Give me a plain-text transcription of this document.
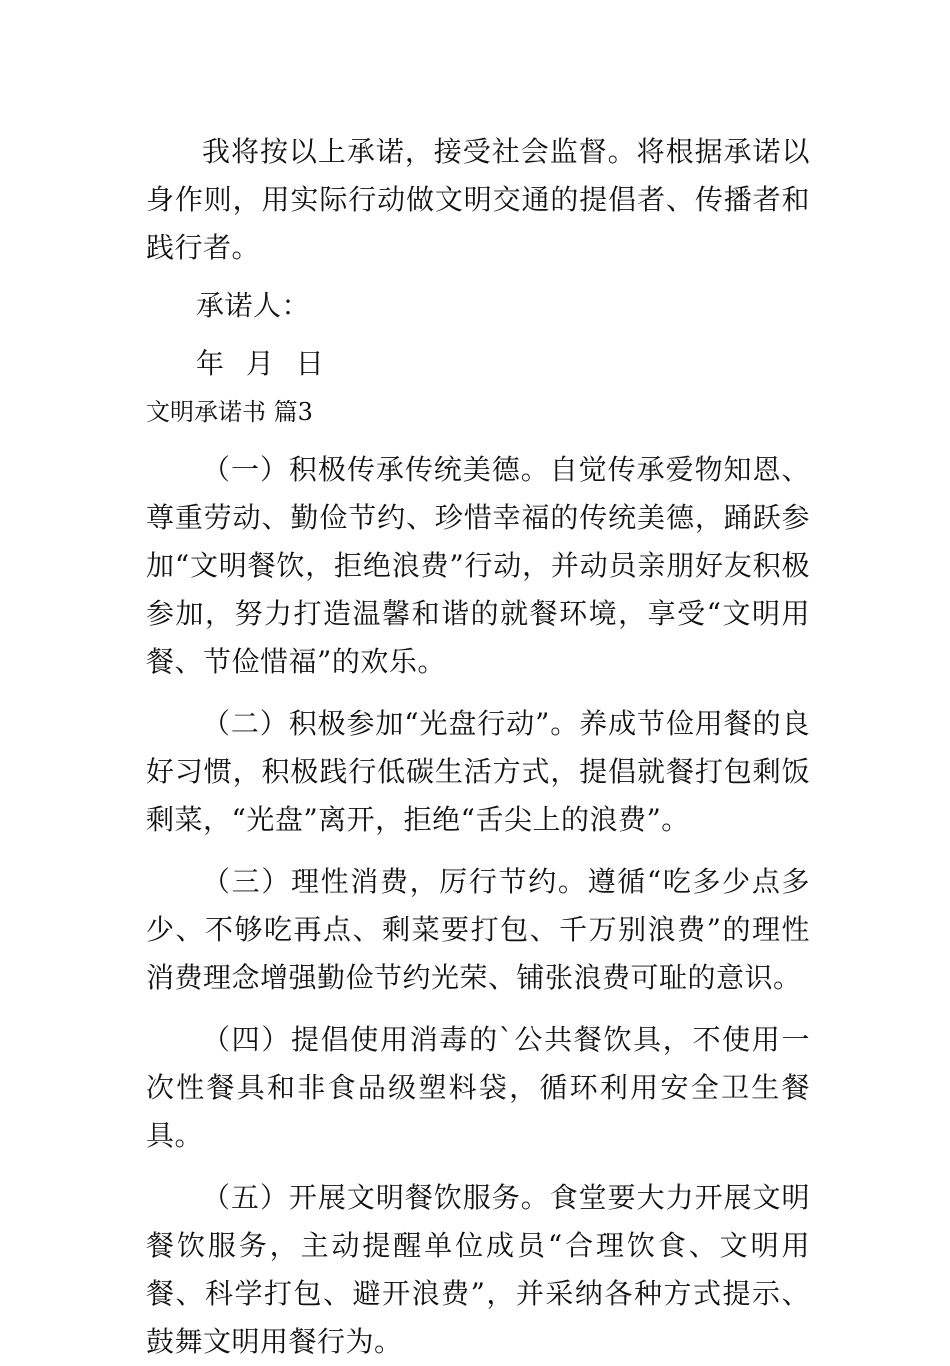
我将按以上承诺，接受社会监督。将根据承诺以身作则，用实际行动做文明交通的提倡者、传播者和践行者。

承诺人：

年 月 日

文明承诺书 篇3

（一）积极传承传统美德。自觉传承爱物知恩、尊重劳动、勤俭节约、珍惜幸福的传统美德，踊跃参加“文明餐饮，拒绝浪费”行动，并动员亲朋好友积极参加，努力打造温馨和谐的就餐环境，享受“文明用餐、节俭惜福”的欢乐。

（二）积极参加“光盘行动”。养成节俭用餐的良好习惯，积极践行低碳生活方式，提倡就餐打包剩饭剩菜，“光盘”离开，拒绝“舌尖上的浪费”。

（三）理性消费，厉行节约。遵循“吃多少点多少、不够吃再点、剩菜要打包、千万别浪费”的理性消费理念增强勤俭节约光荣、铺张浪费可耻的意识。

（四）提倡使用消毒的`公共餐饮具，不使用一次性餐具和非食品级塑料袋，循环利用安全卫生餐具。

（五）开展文明餐饮服务。食堂要大力开展文明餐饮服务，主动提醒单位成员“合理饮食、文明用餐、科学打包、避开浪费”，并采纳各种方式提示、鼓舞文明用餐行为。
